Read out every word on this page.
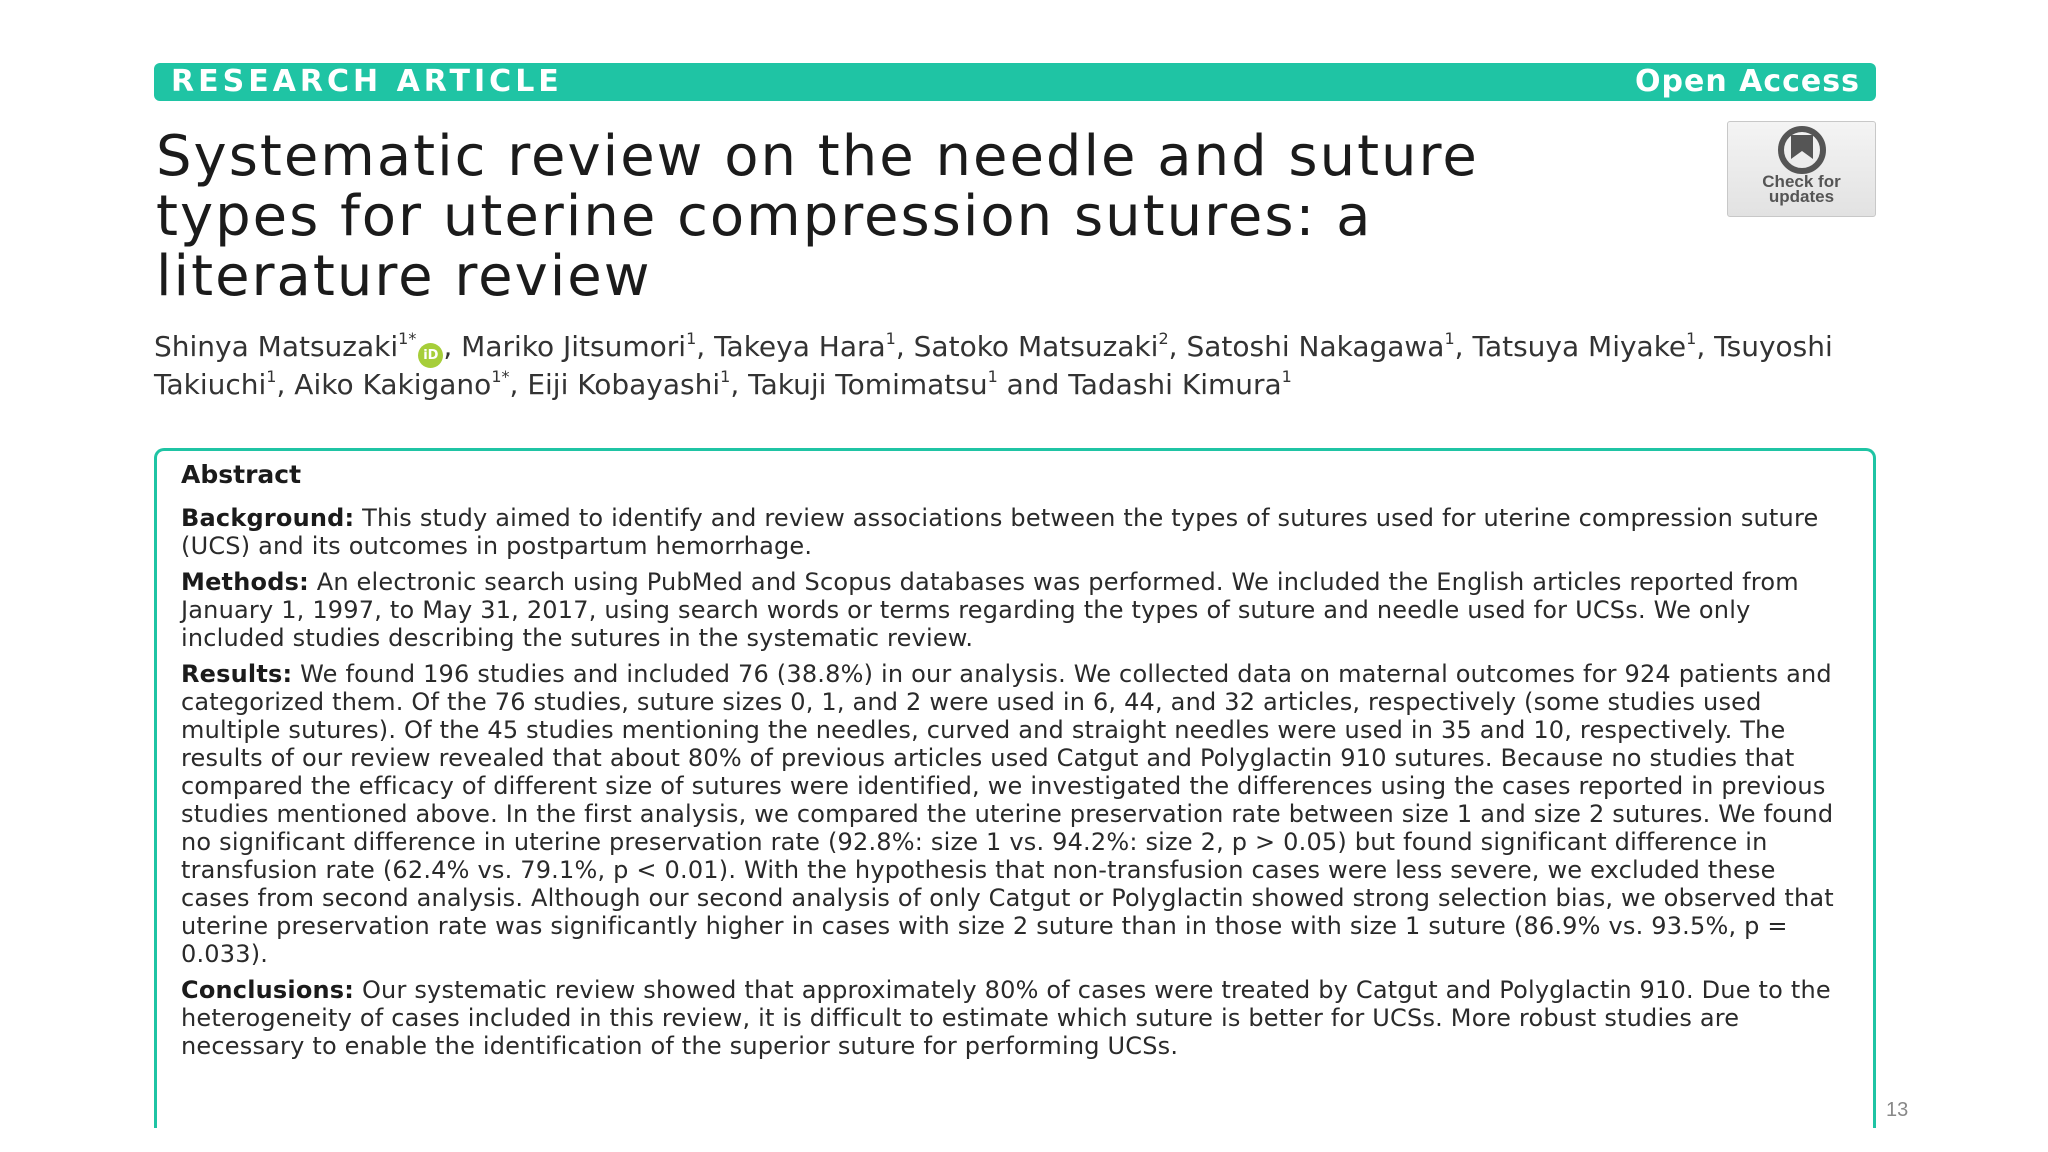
RESEARCH ARTICLE	Open Access
Systematic review on the needle and suture types for uterine compression sutures: a literature review
Check for
updates
Shinya Matsuzaki$^{1*}$iD , Mariko Jitsumori$^1$, Takeya Hara$^1$, Satoko Matsuzaki$^2$, Satoshi Nakagawa$^1$, Tatsuya Miyake$^1$, Tsuyoshi Takiuchi$^1$, Aiko Kakigano$^{1*}$, Eiji Kobayashi$^1$, Takuji Tomimatsu$^1$ and Tadashi Kimura$^1$
Abstract

Background: This study aimed to identify and review associations between the types of sutures used for uterine compression suture (UCS) and its outcomes in postpartum hemorrhage.

Methods: An electronic search using PubMed and Scopus databases was performed. We included the English articles reported from January 1, 1997, to May 31, 2017, using search words or terms regarding the types of suture and needle used for UCSs. We only included studies describing the sutures in the systematic review.

Results: We found 196 studies and included 76 (38.8%) in our analysis. We collected data on maternal outcomes for 924 patients and categorized them. Of the 76 studies, suture sizes 0, 1, and 2 were used in 6, 44, and 32 articles, respectively (some studies used multiple sutures). Of the 45 studies mentioning the needles, curved and straight needles were used in 35 and 10, respectively. The results of our review revealed that about 80% of previous articles used Catgut and Polyglactin 910 sutures. Because no studies that compared the efficacy of different size of sutures were identified, we investigated the differences using the cases reported in previous studies mentioned above. In the first analysis, we compared the uterine preservation rate between size 1 and size 2 sutures. We found no significant difference in uterine preservation rate (92.8%: size 1 vs. 94.2%: size 2, p > 0.05) but found significant difference in transfusion rate (62.4% vs. 79.1%, p < 0.01). With the hypothesis that non-transfusion cases were less severe, we excluded these cases from second analysis. Although our second analysis of only Catgut or Polyglactin showed strong selection bias, we observed that uterine preservation rate was significantly higher in cases with size 2 suture than in those with size 1 suture (86.9% vs. 93.5%, p = 0.033).

Conclusions: Our systematic review showed that approximately 80% of cases were treated by Catgut and Polyglactin 910. Due to the heterogeneity of cases included in this review, it is difficult to estimate which suture is better for UCSs. More robust studies are necessary to enable the identification of the superior suture for performing UCSs.

13
